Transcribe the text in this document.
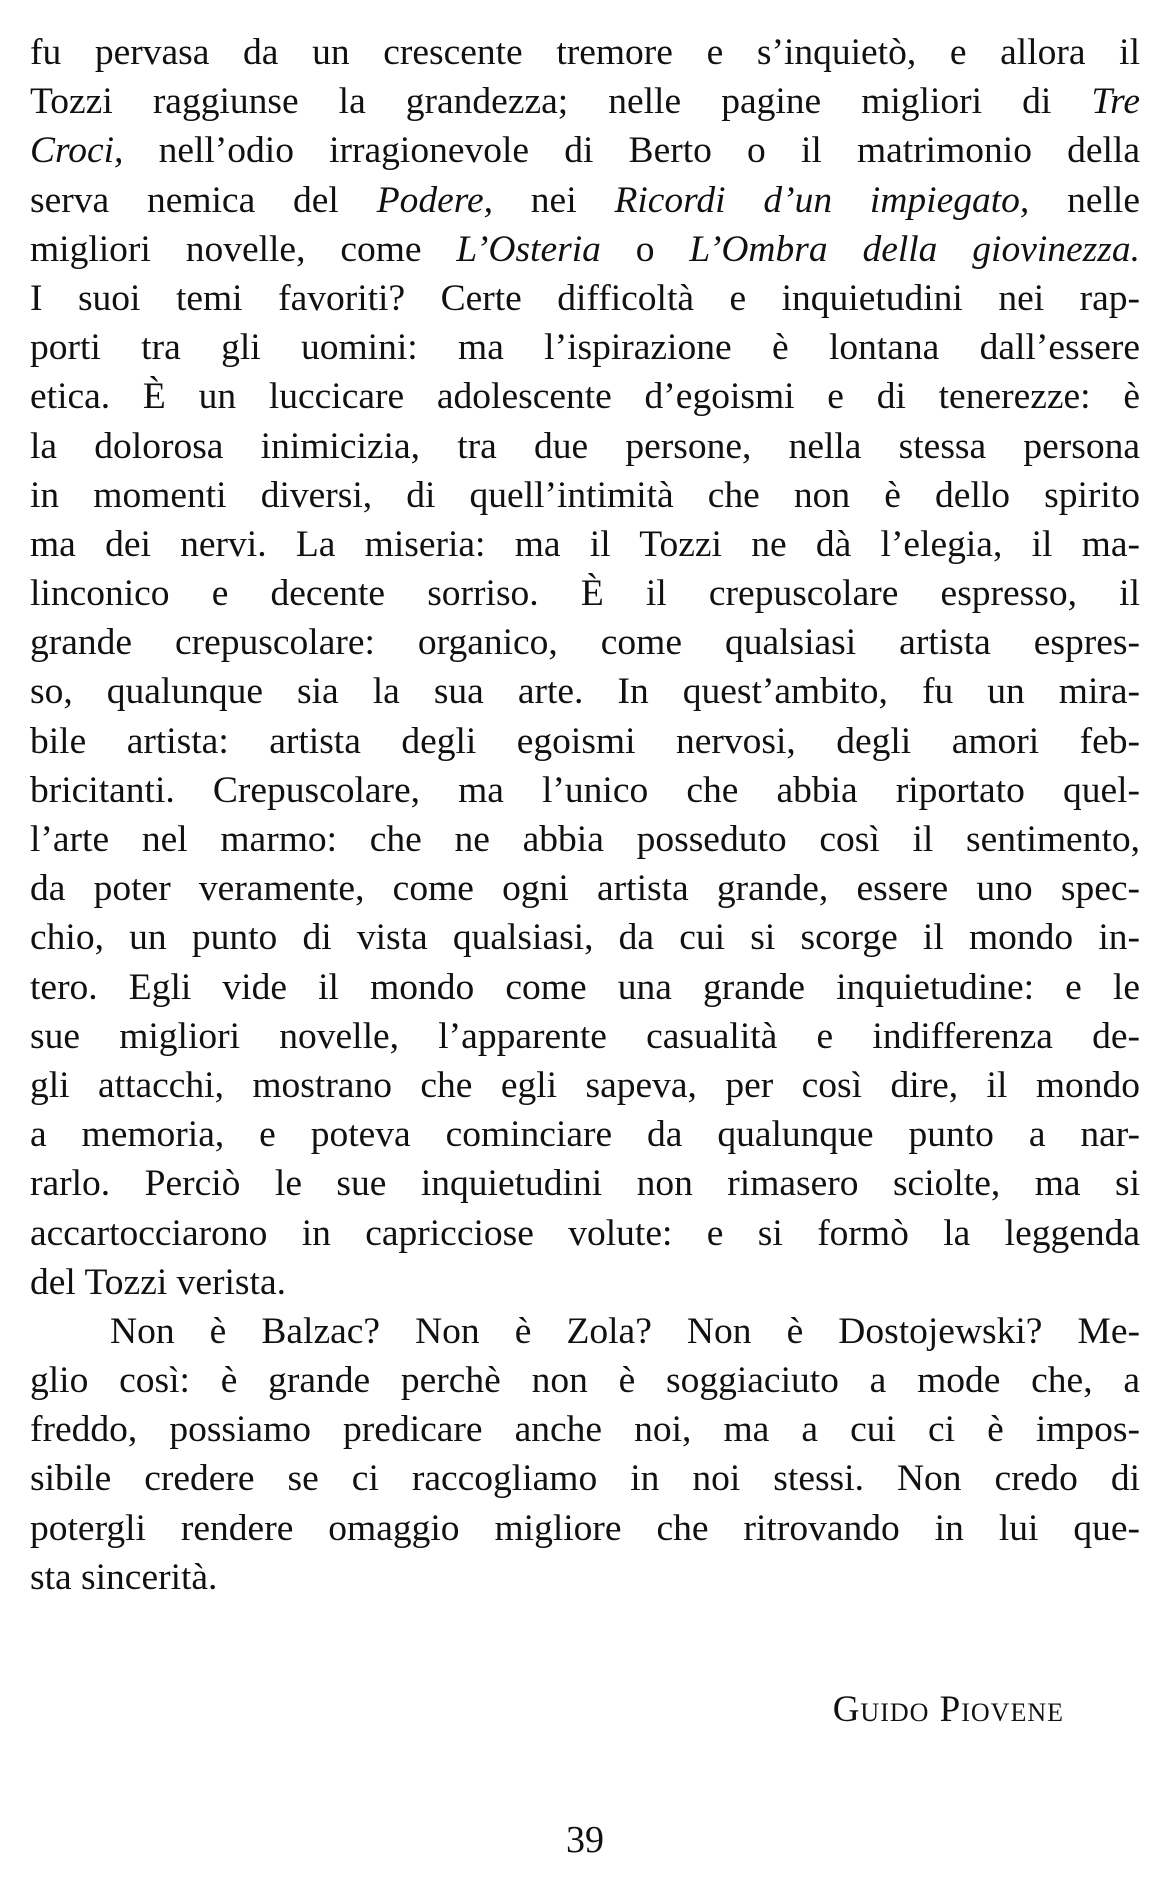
fu pervasa da un crescente tremore e s’inquietò, e allora il
Tozzi raggiunse la grandezza; nelle pagine migliori di Tre
Croci, nell’odio irragionevole di Berto o il matrimonio della
serva nemica del Podere, nei Ricordi d’un impiegato, nelle
migliori novelle, come L’Osteria o L’Ombra della giovinezza.
I suoi temi favoriti? Certe difficoltà e inquietudini nei rap-
porti tra gli uomini: ma l’ispirazione è lontana dall’essere
etica. È un luccicare adolescente d’egoismi e di tenerezze: è
la dolorosa inimicizia, tra due persone, nella stessa persona
in momenti diversi, di quell’intimità che non è dello spirito
ma dei nervi. La miseria: ma il Tozzi ne dà l’elegia, il ma-
linconico e decente sorriso. È il crepuscolare espresso, il
grande crepuscolare: organico, come qualsiasi artista espres-
so, qualunque sia la sua arte. In quest’ambito, fu un mira-
bile artista: artista degli egoismi nervosi, degli amori feb-
bricitanti. Crepuscolare, ma l’unico che abbia riportato quel-
l’arte nel marmo: che ne abbia posseduto così il sentimento,
da poter veramente, come ogni artista grande, essere uno spec-
chio, un punto di vista qualsiasi, da cui si scorge il mondo in-
tero. Egli vide il mondo come una grande inquietudine: e le
sue migliori novelle, l’apparente casualità e indifferenza de-
gli attacchi, mostrano che egli sapeva, per così dire, il mondo
a memoria, e poteva cominciare da qualunque punto a nar-
rarlo. Perciò le sue inquietudini non rimasero sciolte, ma si
accartocciarono in capricciose volute: e si formò la leggenda
del Tozzi verista.
Non è Balzac? Non è Zola? Non è Dostojewski? Me-
glio così: è grande perchè non è soggiaciuto a mode che, a
freddo, possiamo predicare anche noi, ma a cui ci è impos-
sibile credere se ci raccogliamo in noi stessi. Non credo di
potergli rendere omaggio migliore che ritrovando in lui que-
sta sincerità.
Guido Piovene
39
